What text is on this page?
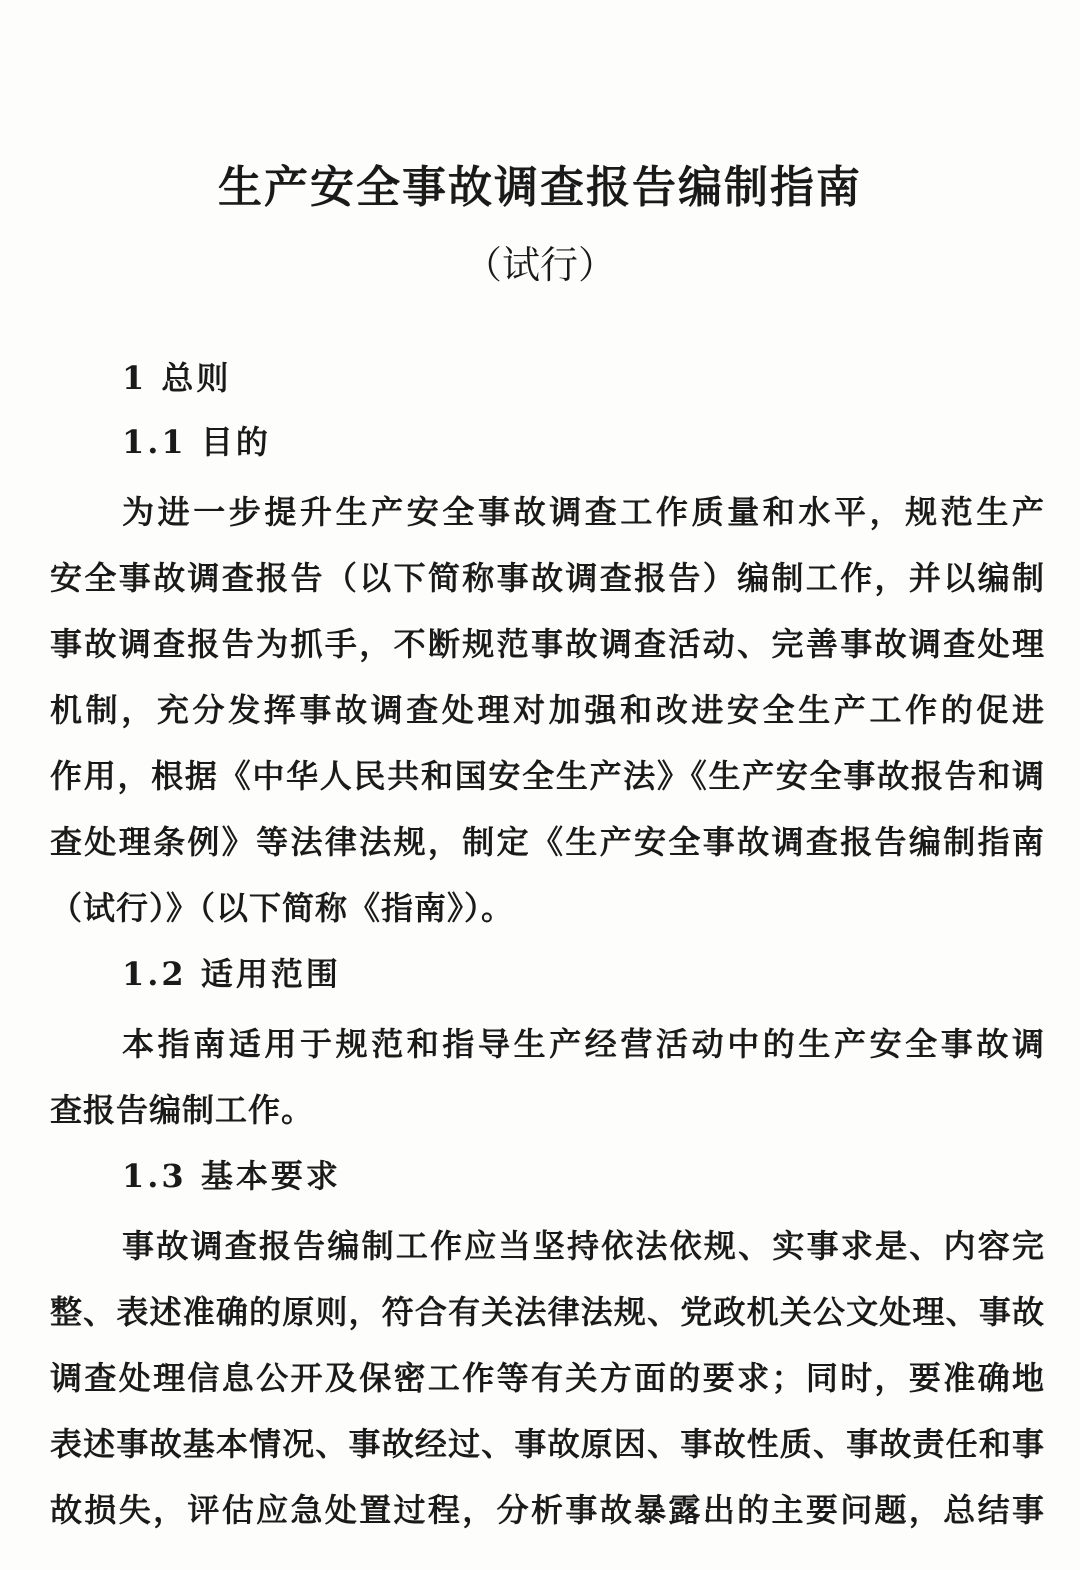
生产安全事故调查报告编制指南
（试行）
1 总则
1.1 目的
为进一步提升生产安全事故调查工作质量和水平，规范生产
安全事故调查报告（以下简称事故调查报告）编制工作，并以编制
事故调查报告为抓手，不断规范事故调查活动、完善事故调查处理
机制，充分发挥事故调查处理对加强和改进安全生产工作的促进
作用，根据《中华人民共和国安全生产法》《生产安全事故报告和调
查处理条例》等法律法规，制定《生产安全事故调查报告编制指南
（试行）》（以下简称《指南》）。
1.2 适用范围
本指南适用于规范和指导生产经营活动中的生产安全事故调
查报告编制工作。
1.3 基本要求
事故调查报告编制工作应当坚持依法依规、实事求是、内容完
整、表述准确的原则，符合有关法律法规、党政机关公文处理、事故
调查处理信息公开及保密工作等有关方面的要求；同时，要准确地
表述事故基本情况、事故经过、事故原因、事故性质、事故责任和事
故损失，评估应急处置过程，分析事故暴露出的主要问题，总结事
